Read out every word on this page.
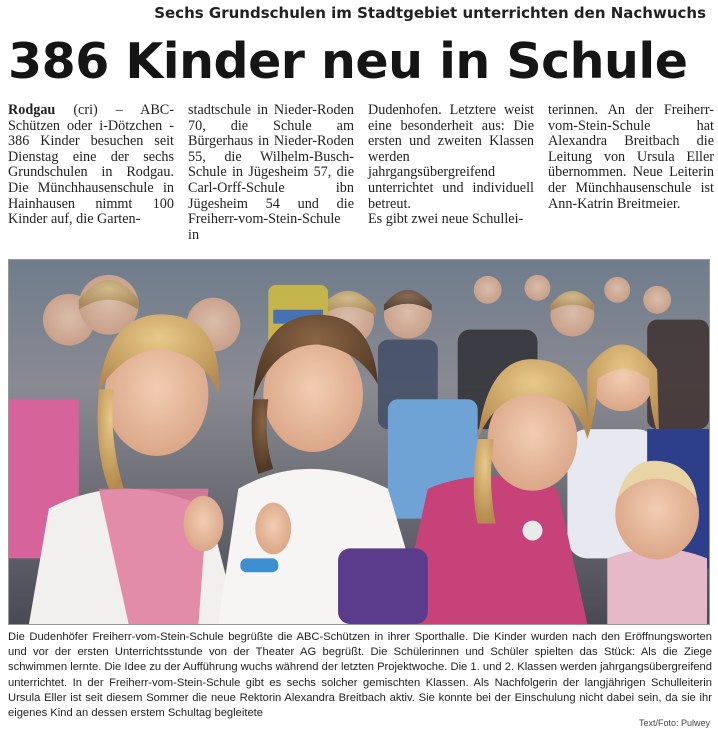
Sechs Grundschulen im Stadtgebiet unterrichten den Nachwuchs
386 Kinder neu in Schule

Rodgau (cri) – ABC-Schützen oder i-Dötzchen - 386 Kinder besuchen seit Dienstag eine der sechs Grundschulen in Rodgau. Die Münchhausenschule in Hainhausen nimmt 100 Kinder auf, die Garten-

stadtschule in Nieder-Roden 70, die Schule am Bürgerhaus in Nieder-Roden 55, die Wilhelm-Busch-Schule in Jügesheim 57, die Carl-Orff-Schule ibn Jügesheim 54 und die Freiherr-vom-Stein-Schule in

Dudenhofen. Letztere weist eine besonderheit aus: Die ersten und zweiten Klassen werden jahrgangsübergreifend unterrichtet und individuell betreut.

Es gibt zwei neue Schullei-

terinnen. An der Freiherr-vom-Stein-Schule hat Alexandra Breitbach die Leitung von Ursula Eller übernommen. Neue Leiterin der Münchhausenschule ist Ann-Katrin Breitmeier.

Die Dudenhöfer Freiherr-vom-Stein-Schule begrüßte die ABC-Schützen in ihrer Sporthalle. Die Kinder wurden nach den Eröffnungsworten und vor der ersten Unterrichtsstunde von der Theater AG begrüßt. Die Schülerinnen und Schüler spielten das Stück: Als die Ziege schwimmen lernte. Die Idee zu der Aufführung wuchs während der letzten Projektwoche. Die 1. und 2. Klassen werden jahrgangsübergreifend unterrichtet. In der Freiherr-vom-Stein-Schule gibt es sechs solcher gemischten Klassen. Als Nachfolgerin der langjährigen Schulleiterin Ursula Eller ist seit diesem Sommer die neue Rektorin Alexandra Breitbach aktiv. Sie konnte bei der Einschulung nicht dabei sein, da sie ihr eigenes Kind an dessen erstem Schultag begleitete

Text/Foto: Pulwey
